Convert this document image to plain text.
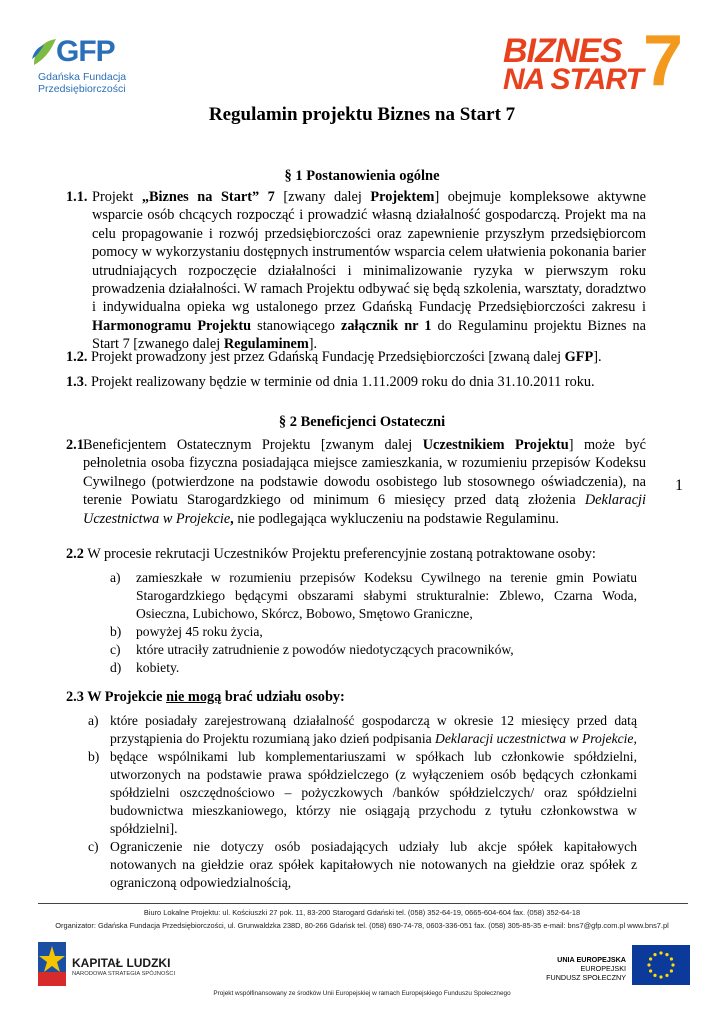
GFP
Gdańska Fundacja
Przedsiębiorczości
BIZNES
NA START 7
Regulamin projektu Biznes na Start 7
§ 1 Postanowienia ogólne
1.1. Projekt „Biznes na Start” 7 [zwany dalej Projektem] obejmuje kompleksowe aktywne wsparcie osób chcących rozpocząć i prowadzić własną działalność gospodarczą. Projekt ma na celu propagowanie i rozwój przedsiębiorczości oraz zapewnienie przyszłym przedsiębiorcom pomocy w wykorzystaniu dostępnych instrumentów wsparcia celem ułatwienia pokonania barier utrudniających rozpoczęcie działalności i minimalizowanie ryzyka w pierwszym roku prowadzenia działalności. W ramach Projektu odbywać się będą szkolenia, warsztaty, doradztwo i indywidualna opieka wg ustalonego przez Gdańską Fundację Przedsiębiorczości zakresu i Harmonogramu Projektu stanowiącego załącznik nr 1 do Regulaminu projektu Biznes na Start 7 [zwanego dalej Regulaminem].

1.2. Projekt prowadzony jest przez Gdańską Fundację Przedsiębiorczości [zwaną dalej GFP].
1.3. Projekt realizowany będzie w terminie od dnia 1.11.2009 roku do dnia 31.10.2011 roku.
§ 2 Beneficjenci Ostateczni
2.1 Beneficjentem Ostatecznym Projektu [zwanym dalej Uczestnikiem Projektu] może być pełnoletnia osoba fizyczna posiadająca miejsce zamieszkania, w rozumieniu przepisów Kodeksu Cywilnego (potwierdzone na podstawie dowodu osobistego lub stosownego oświadczenia), na terenie Powiatu Starogardzkiego od minimum 6 miesięcy przed datą złożenia Deklaracji Uczestnictwa w Projekcie, nie podlegająca wykluczeniu na podstawie Regulaminu.

1
2.2 W procesie rekrutacji Uczestników Projektu preferencyjnie zostaną potraktowane osoby:
a) zamieszkałe w rozumieniu przepisów Kodeksu Cywilnego na terenie gmin Powiatu Starogardzkiego będącymi obszarami słabymi strukturalnie: Zblewo, Czarna Woda, Osieczna, Lubichowo, Skórcz, Bobowo, Smętowo Graniczne,

b) powyżej 45 roku życia,

c) które utraciły zatrudnienie z powodów niedotyczących pracowników,

d) kobiety.

2.3 W Projekcie nie mogą brać udziału osoby:
a) które posiadały zarejestrowaną działalność gospodarczą w okresie 12 miesięcy przed datą przystąpienia do Projektu rozumianą jako dzień podpisania Deklaracji uczestnictwa w Projekcie,

b) będące wspólnikami lub komplementariuszami w spółkach lub członkowie spółdzielni, utworzonych na podstawie prawa spółdzielczego (z wyłączeniem osób będących członkami spółdzielni oszczędnościowo – pożyczkowych /banków spółdzielczych/ oraz spółdzielni budownictwa mieszkaniowego, którzy nie osiągają przychodu z tytułu członkowstwa w spółdzielni].

c) Ograniczenie nie dotyczy osób posiadających udziały lub akcje spółek kapitałowych notowanych na giełdzie oraz spółek kapitałowych nie notowanych na giełdzie oraz spółek z ograniczoną odpowiedzialnością,

Biuro Lokalne Projektu: ul. Kościuszki 27 pok. 11, 83-200 Starogard Gdański tel. (058) 352-64-19, 0665-604-604 fax. (058) 352-64-18
Organizator: Gdańska Fundacja Przedsiębiorczości, ul. Grunwaldzka 238D, 80-266 Gdańsk tel. (058) 690-74-78, 0603-336-051 fax. (058) 305-85-35 e-mail: bns7@gfp.com.pl www.bns7.pl
KAPITAŁ LUDZKI
NARODOWA STRATEGIA SPÓJNOŚCI
UNIA EUROPEJSKA
EUROPEJSKI
FUNDUSZ SPOŁECZNY
Projekt współfinansowany ze środków Unii Europejskiej w ramach Europejskiego Funduszu Społecznego
